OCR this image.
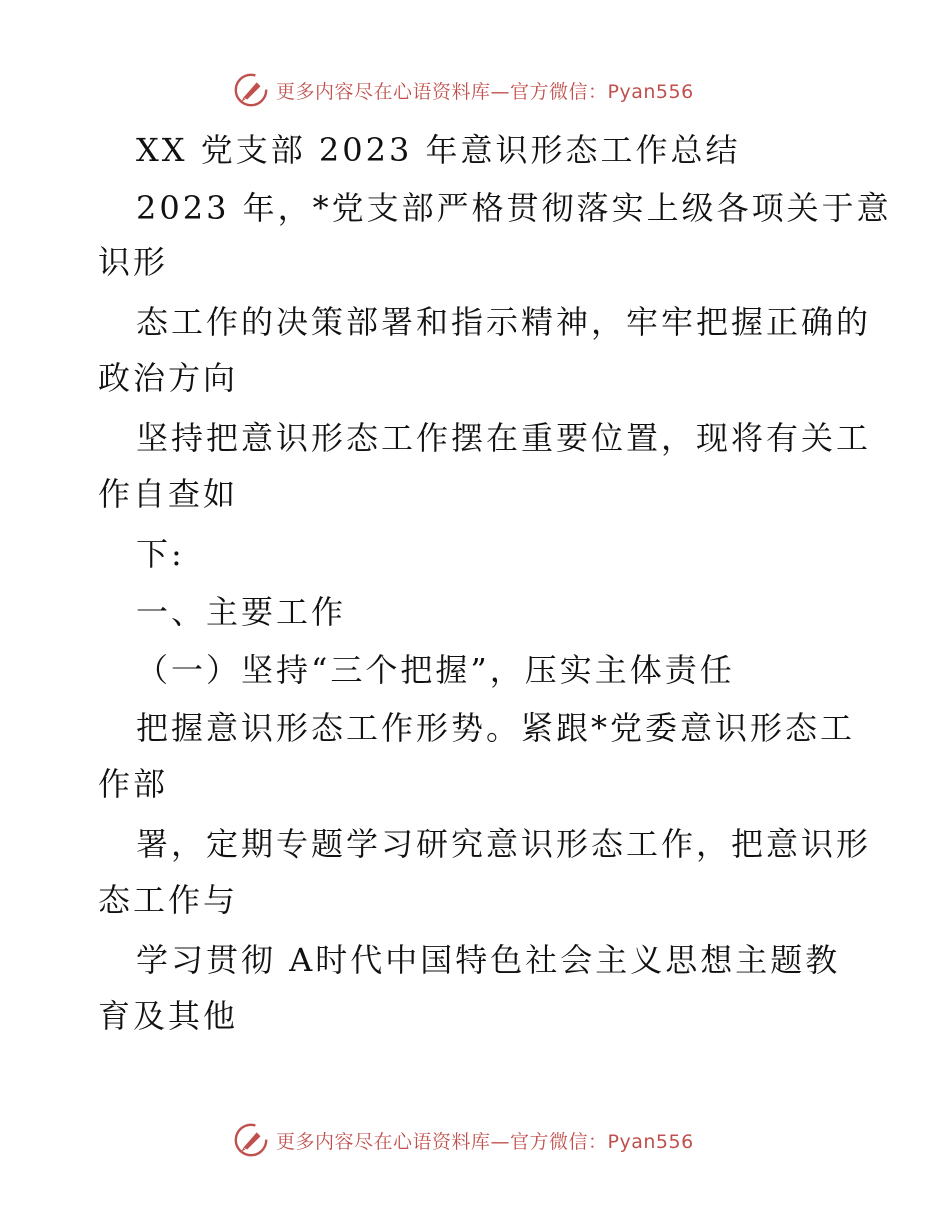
更多内容尽在心语资料库—官方微信：Pyan556
XX 党支部 2023 年意识形态工作总结
2023 年，*党支部严格贯彻落实上级各项关于意
识形
态工作的决策部署和指示精神，牢牢把握正确的
政治方向
坚持把意识形态工作摆在重要位置，现将有关工
作自查如
下:
一、主要工作
（一）坚持“三个把握”，压实主体责任
把握意识形态工作形势。紧跟*党委意识形态工
作部
署，定期专题学习研究意识形态工作，把意识形
态工作与
学习贯彻 A时代中国特色社会主义思想主题教
育及其他
更多内容尽在心语资料库—官方微信：Pyan556
